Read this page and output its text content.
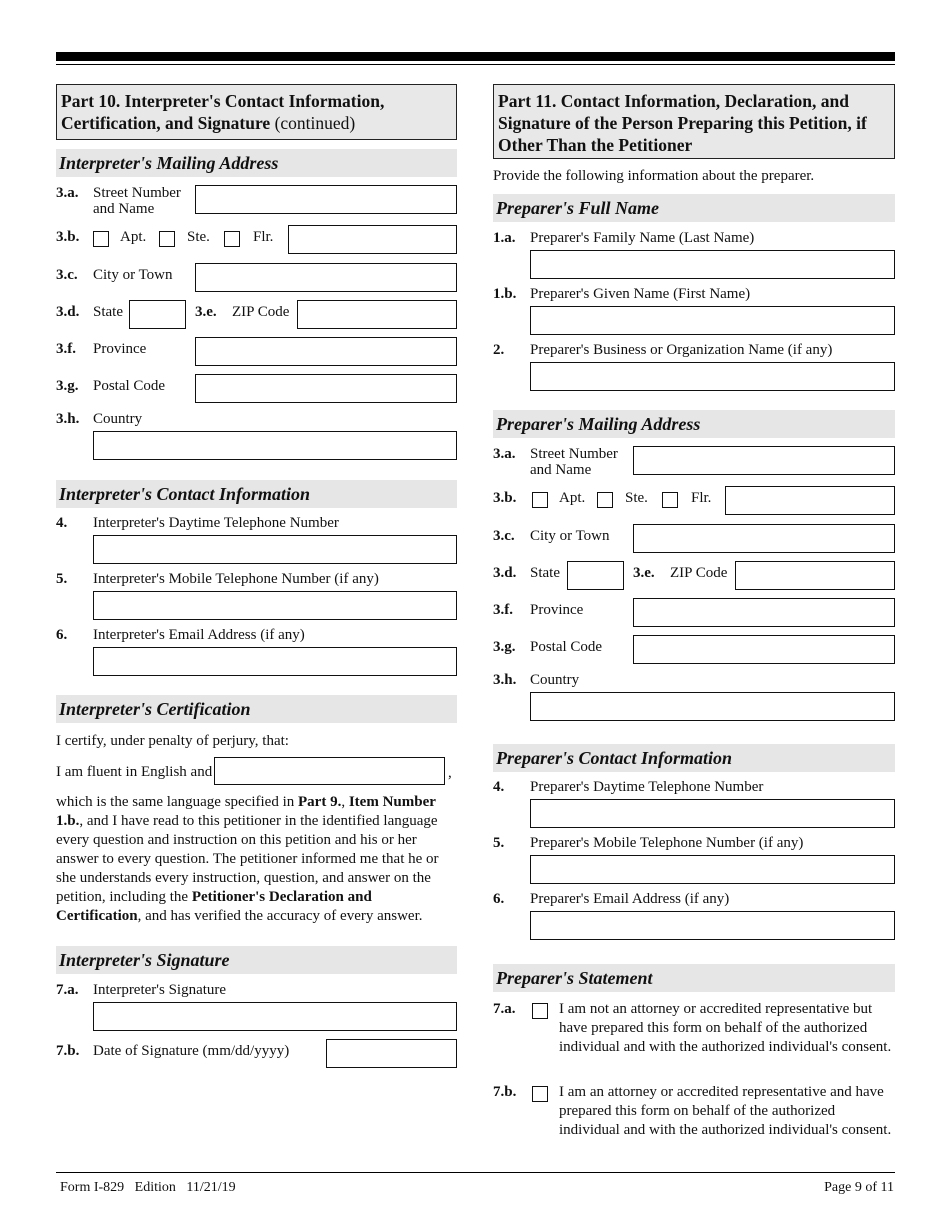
Part 10. Interpreter's Contact Information, Certification, and Signature (continued)
Interpreter's Mailing Address
3.a. Street Number
and Name
3.b.	Apt.	Ste.	Flr.
3.c. City or Town
3.d. State	3.e. ZIP Code
3.f. Province
3.g. Postal Code
3.h. Country
Interpreter's Contact Information
4. Interpreter's Daytime Telephone Number
5. Interpreter's Mobile Telephone Number (if any)
6. Interpreter's Email Address (if any)
Interpreter's Certification
I certify, under penalty of perjury, that:
I am fluent in English and	,
which is the same language specified in Part 9., Item Number 1.b., and I have read to this petitioner in the identified language every question and instruction on this petition and his or her answer to every question. The petitioner informed me that he or she understands every instruction, question, and answer on the petition, including the Petitioner's Declaration and Certification, and has verified the accuracy of every answer.
Interpreter's Signature
7.a. Interpreter's Signature
7.b. Date of Signature (mm/dd/yyyy)
Part 11. Contact Information, Declaration, and Signature of the Person Preparing this Petition, if Other Than the Petitioner
Provide the following information about the preparer.
Preparer's Full Name
1.a. Preparer's Family Name (Last Name)
1.b. Preparer's Given Name (First Name)
2. Preparer's Business or Organization Name (if any)
Preparer's Mailing Address
3.a. Street Number
and Name
3.b.	Apt.	Ste.	Flr.
3.c. City or Town
3.d. State	3.e. ZIP Code
3.f. Province
3.g. Postal Code
3.h. Country
Preparer's Contact Information
4. Preparer's Daytime Telephone Number
5. Preparer's Mobile Telephone Number (if any)
6. Preparer's Email Address (if any)
Preparer's Statement
7.a.	I am not an attorney or accredited representative but have prepared this form on behalf of the authorized individual and with the authorized individual's consent.
7.b.	I am an attorney or accredited representative and have prepared this form on behalf of the authorized individual and with the authorized individual's consent.
Form I-829   Edition   11/21/19	Page 9 of 11
